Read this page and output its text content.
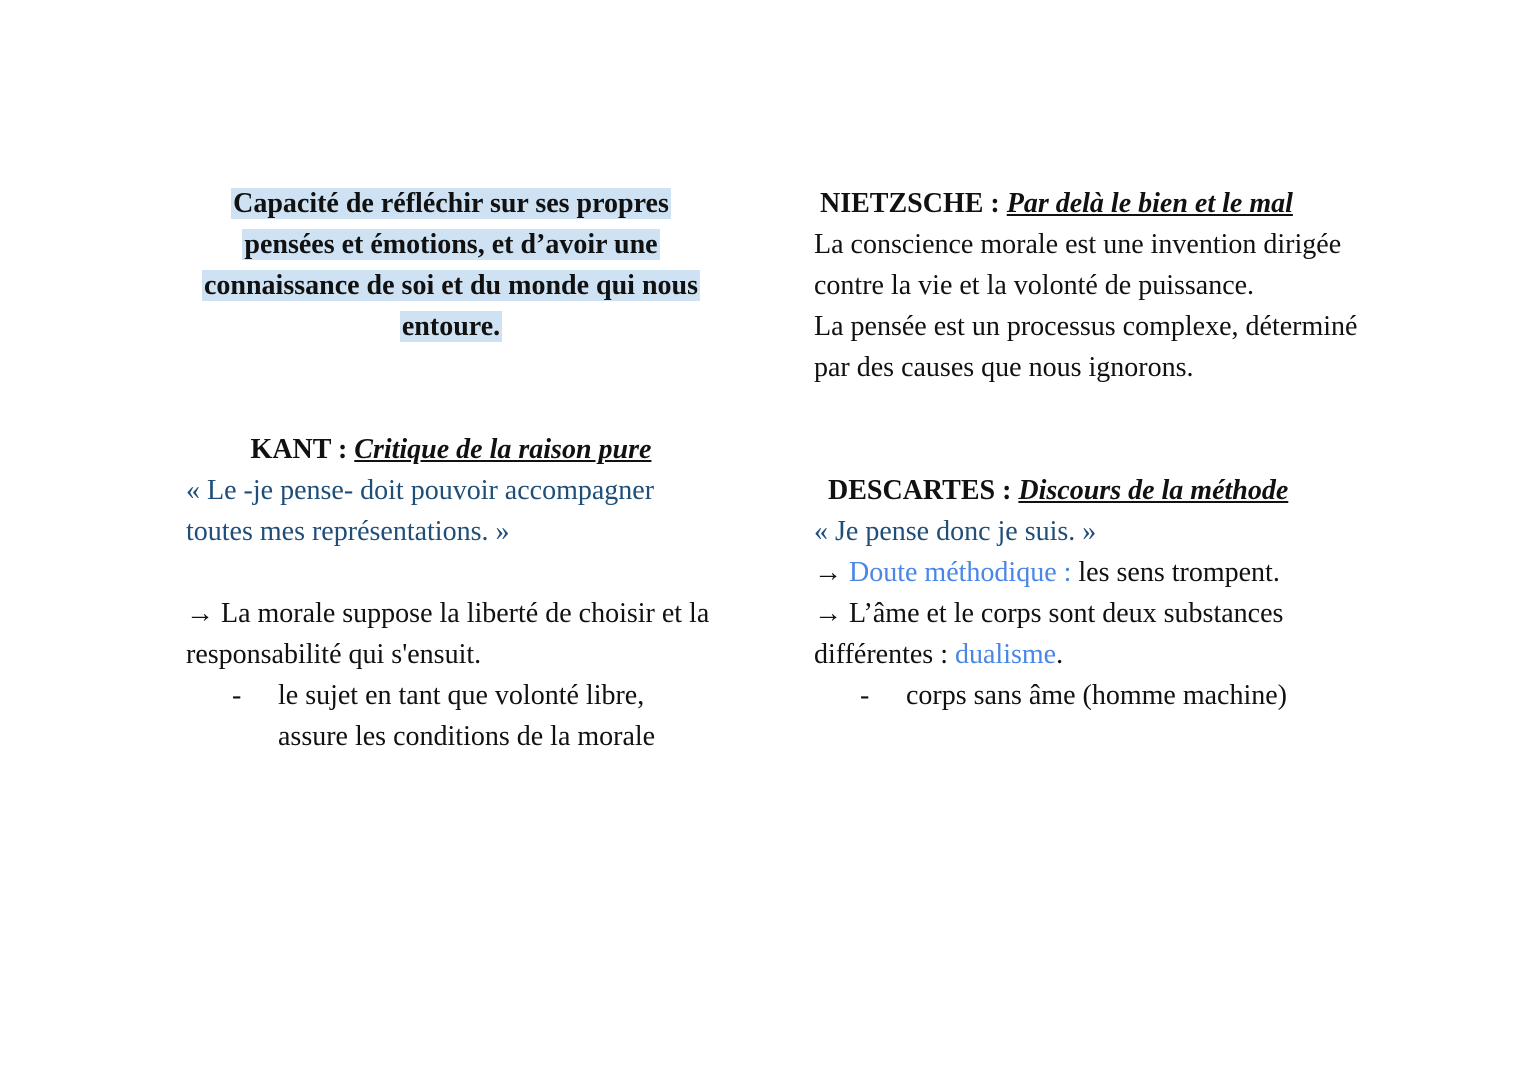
Capacité de réfléchir sur ses propres pensées et émotions, et d’avoir une connaissance de soi et du monde qui nous entoure.

KANT : Critique de la raison pure

« Le -je pense- doit pouvoir accompagner toutes mes représentations. »

→ La morale suppose la liberté de choisir et la responsabilité qui s'ensuit.

-	le sujet en tant que volonté libre, assure les conditions de la morale

NIETZSCHE : Par delà le bien et le mal

La conscience morale est une invention dirigée contre la vie et la volonté de puissance.

La pensée est un processus complexe, déterminé par des causes que nous ignorons.

DESCARTES : Discours de la méthode

« Je pense donc je suis. »

→ Doute méthodique : les sens trompent.

→ L’âme et le corps sont deux substances différentes : dualisme.

-	corps sans âme (homme machine)
